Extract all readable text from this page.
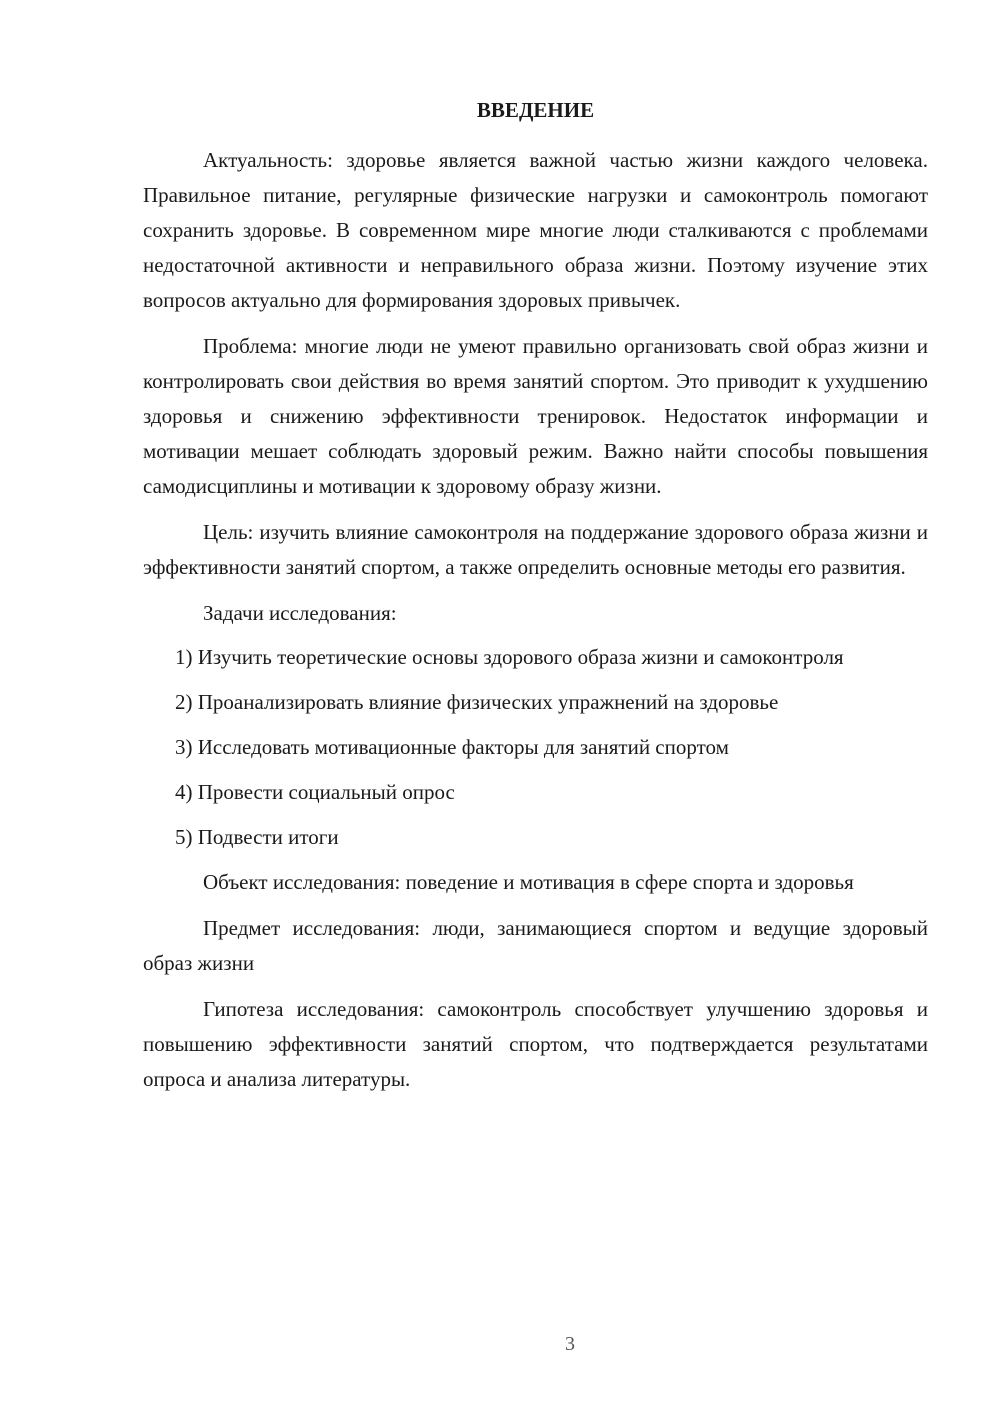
ВВЕДЕНИЕ

Актуальность: здоровье является важной частью жизни каждого человека. Правильное питание, регулярные физические нагрузки и самоконтроль помогают сохранить здоровье. В современном мире многие люди сталкиваются с проблемами недостаточной активности и неправильного образа жизни. Поэтому изучение этих вопросов актуально для формирования здоровых привычек.

Проблема: многие люди не умеют правильно организовать свой образ жизни и контролировать свои действия во время занятий спортом. Это приводит к ухудшению здоровья и снижению эффективности тренировок. Недостаток информации и мотивации мешает соблюдать здоровый режим. Важно найти способы повышения самодисциплины и мотивации к здоровому образу жизни.

Цель: изучить влияние самоконтроля на поддержание здорового образа жизни и эффективности занятий спортом, а также определить основные методы его развития.

Задачи исследования:

1) Изучить теоретические основы здорового образа жизни и самоконтроля

2) Проанализировать влияние физических упражнений на здоровье

3) Исследовать мотивационные факторы для занятий спортом

4) Провести социальный опрос

5) Подвести итоги

Объект исследования: поведение и мотивация в сфере спорта и здоровья

Предмет исследования: люди, занимающиеся спортом и ведущие здоровый образ жизни

Гипотеза исследования: самоконтроль способствует улучшению здоровья и повышению эффективности занятий спортом, что подтверждается результатами опроса и анализа литературы.

3
